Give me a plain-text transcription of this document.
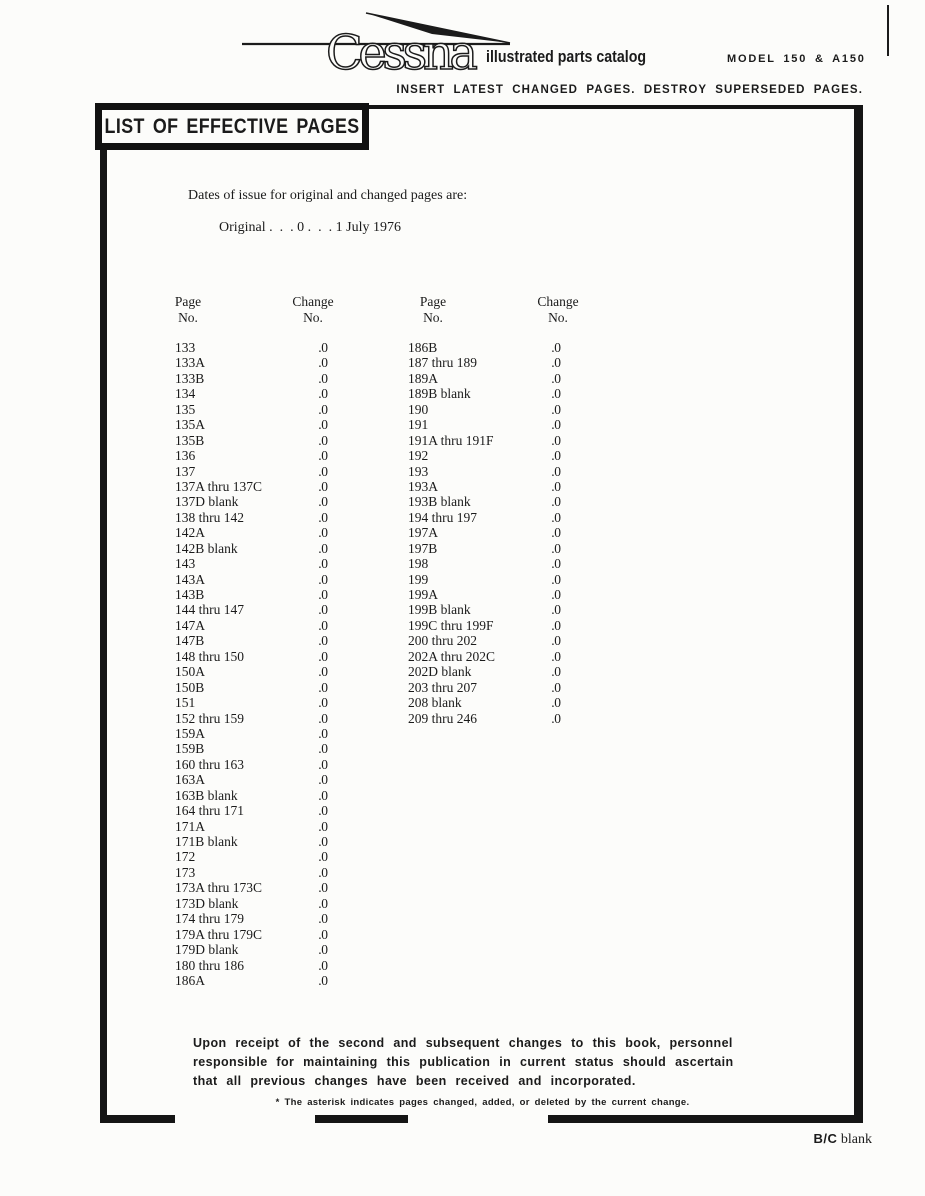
Cessna illustrated parts catalog	MODEL 150 & A150
INSERT LATEST CHANGED PAGES. DESTROY SUPERSEDED PAGES.
LIST OF EFFECTIVE PAGES
Dates of issue for original and changed pages are:
Original .  .  . 0 .  .  . 1 July 1976
Page
No.
Change
No.
Page
No.
Change
No.
133 . . .	0
133A . . .	0
133B . . .	0
134 . . .	0
135 . . .	0
135A . . .	0
135B . . .	0
136 . . .	0
137 . . .	0
137A thru 137C . . .	0
137D blank . . .	0
138 thru 142 . . .	0
142A . . .	0
142B blank . . .	0
143 . . .	0
143A . . .	0
143B . . .	0
144 thru 147 . . .	0
147A . . .	0
147B . . .	0
148 thru 150 . . .	0
150A . . .	0
150B . . .	0
151 . . .	0
152 thru 159 . . .	0
159A . . .	0
159B . . .	0
160 thru 163 . . .	0
163A . . .	0
163B blank . . .	0
164 thru 171 . . .	0
171A . . .	0
171B blank . . .	0
172 . . .	0
173 . . .	0
173A thru 173C . . .	0
173D blank . . .	0
174 thru 179 . . .	0
179A thru 179C . . .	0
179D blank . . .	0
180 thru 186 . . .	0
186A . . .	0
186B . . .	0
187 thru 189 . . .	0
189A . . .	0
189B blank . . .	0
190 . . .	0
191 . . .	0
191A thru 191F . . .	0
192 . . .	0
193 . . .	0
193A . . .	0
193B blank . . .	0
194 thru 197 . . .	0
197A . . .	0
197B . . .	0
198 . . .	0
199 . . .	0
199A . . .	0
199B blank . . .	0
199C thru 199F . . .	0
200 thru 202 . . .	0
202A thru 202C . . .	0
202D blank . . .	0
203 thru 207 . . .	0
208 blank . . .	0
209 thru 246 . . .	0
Upon receipt of the second and subsequent changes to this book, personnel
responsible for maintaining this publication in current status should ascertain
that all previous changes have been received and incorporated.
* The asterisk indicates pages changed, added, or deleted by the current change.
B/C blank
